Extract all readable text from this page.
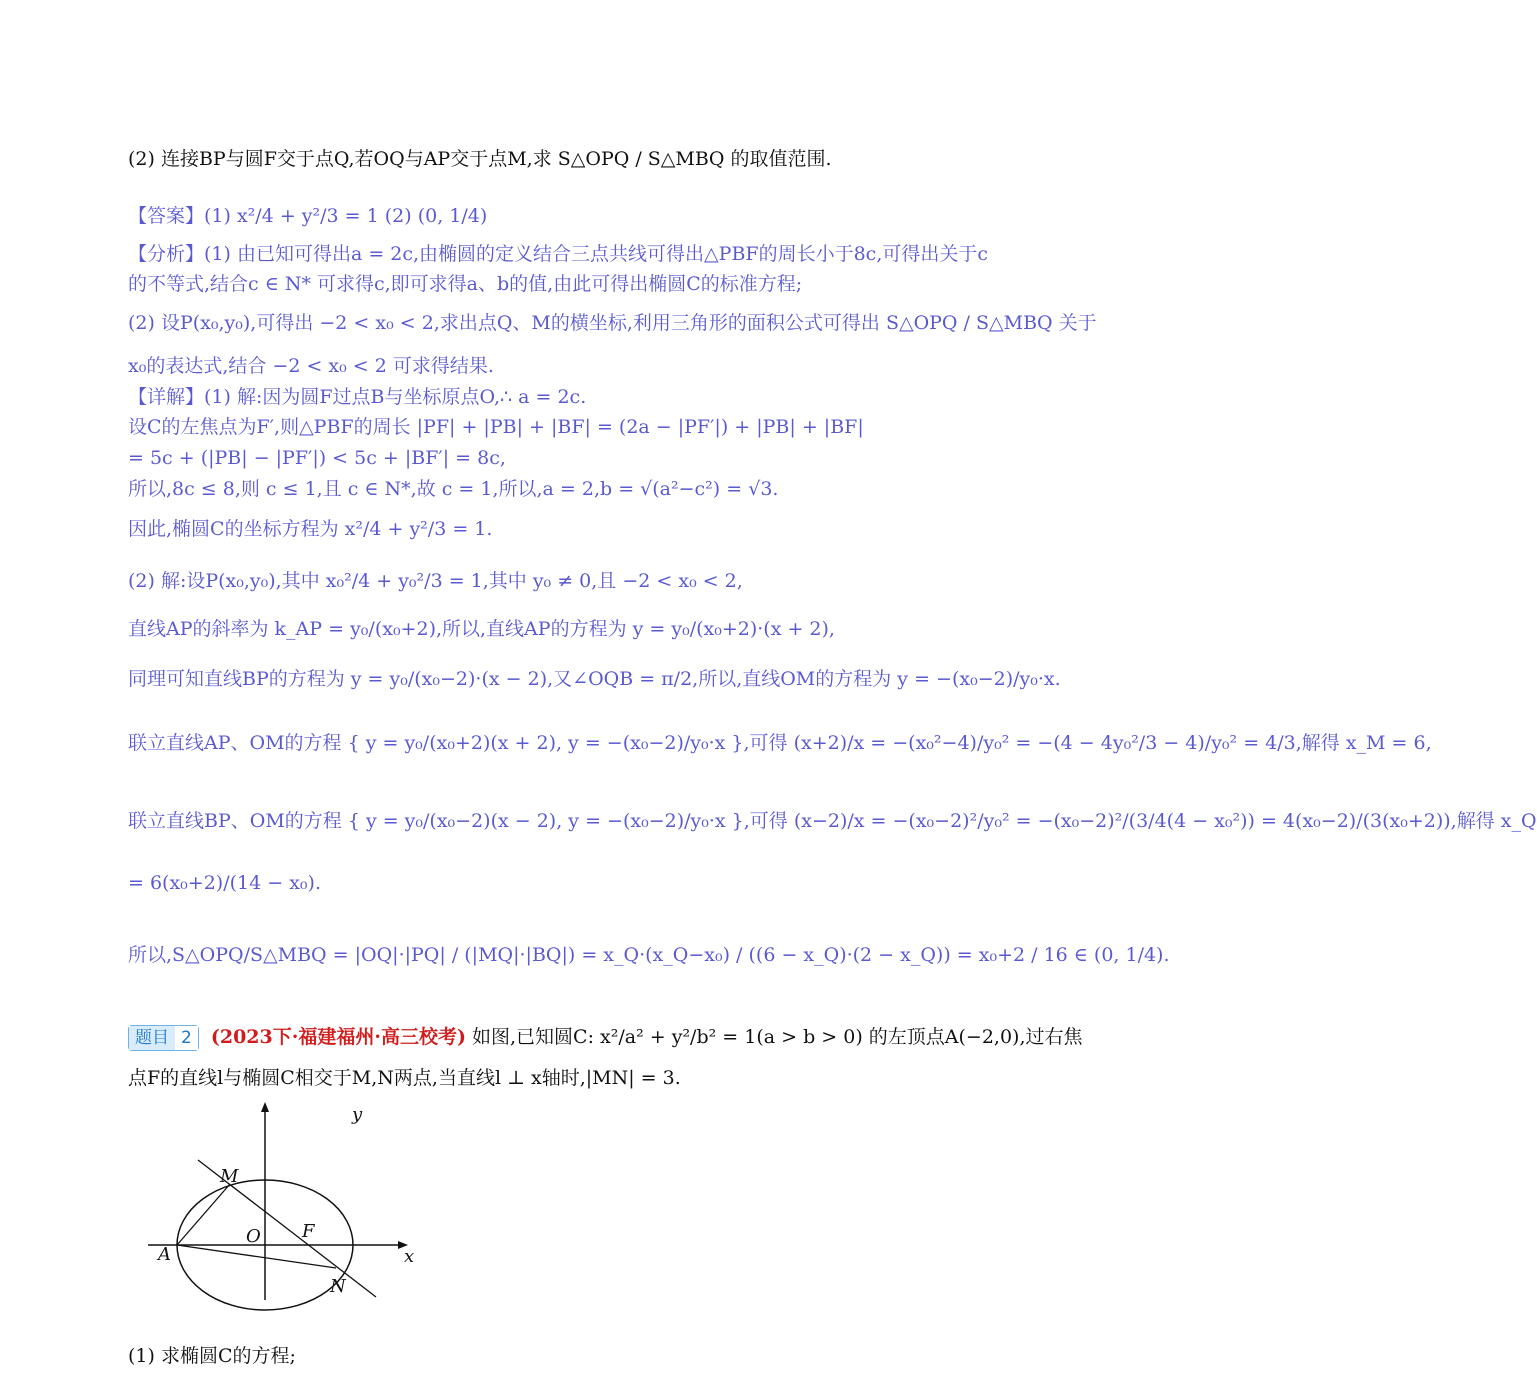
(2) 连接BP与圆F交于点Q,若OQ与AP交于点M,求 S△OPQ / S△MBQ 的取值范围.
【答案】(1) x²/4 + y²/3 = 1 (2) (0, 1/4)
【分析】(1) 由已知可得出a = 2c,由椭圆的定义结合三点共线可得出△PBF的周长小于8c,可得出关于c
的不等式,结合c ∈ N* 可求得c,即可求得a、b的值,由此可得出椭圆C的标准方程;
(2) 设P(x₀,y₀),可得出 −2 < x₀ < 2,求出点Q、M的横坐标,利用三角形的面积公式可得出 S△OPQ / S△MBQ 关于
x₀的表达式,结合 −2 < x₀ < 2 可求得结果.
【详解】(1) 解:因为圆F过点B与坐标原点O,∴ a = 2c.
设C的左焦点为F′,则△PBF的周长 |PF| + |PB| + |BF| = (2a − |PF′|) + |PB| + |BF|
= 5c + (|PB| − |PF′|) < 5c + |BF′| = 8c,
所以,8c ≤ 8,则 c ≤ 1,且 c ∈ N*,故 c = 1,所以,a = 2,b = √(a²−c²) = √3.
因此,椭圆C的坐标方程为 x²/4 + y²/3 = 1.
(2) 解:设P(x₀,y₀),其中 x₀²/4 + y₀²/3 = 1,其中 y₀ ≠ 0,且 −2 < x₀ < 2,
直线AP的斜率为 k_AP = y₀/(x₀+2),所以,直线AP的方程为 y = y₀/(x₀+2)·(x + 2),
同理可知直线BP的方程为 y = y₀/(x₀−2)·(x − 2),又∠OQB = π/2,所以,直线OM的方程为 y = −(x₀−2)/y₀·x.
联立直线AP、OM的方程 { y = y₀/(x₀+2)(x + 2), y = −(x₀−2)/y₀·x },可得 (x+2)/x = −(x₀²−4)/y₀² = −(4 − 4y₀²/3 − 4)/y₀² = 4/3,解得 x_M = 6,
联立直线BP、OM的方程 { y = y₀/(x₀−2)(x − 2), y = −(x₀−2)/y₀·x },可得 (x−2)/x = −(x₀−2)²/y₀² = −(x₀−2)²/(3/4(4 − x₀²)) = 4(x₀−2)/(3(x₀+2)),解得 x_Q
= 6(x₀+2)/(14 − x₀).
所以,S△OPQ/S△MBQ = |OQ|·|PQ| / (|MQ|·|BQ|) = x_Q·(x_Q−x₀) / ((6 − x_Q)·(2 − x_Q)) = x₀+2 / 16 ∈ (0, 1/4).
题目 2 (2023下·福建福州·高三校考) 如图,已知圆C: x²/a² + y²/b² = 1(a > b > 0) 的左顶点A(−2,0),过右焦
点F的直线l与椭圆C相交于M,N两点,当直线l ⊥ x轴时,|MN| = 3.
y
x
M
O F
A
N
(1) 求椭圆C的方程;
